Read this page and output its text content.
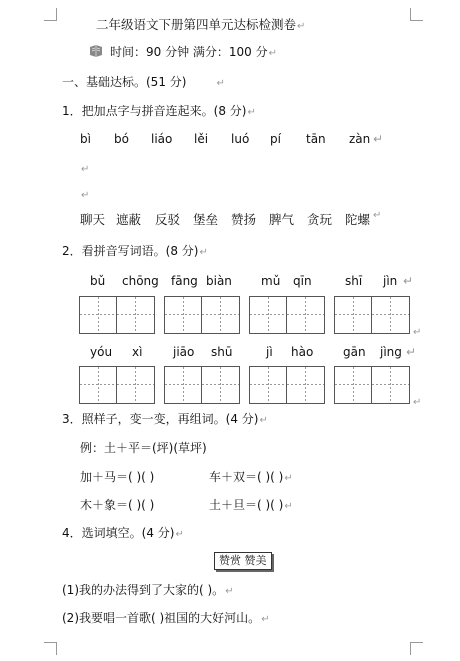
二年级语文下册第四单元达标检测卷↵
时间：90 分钟 满分：100 分↵
一、基础达标。(51 分)	↵
1．把加点字与拼音连起来。(8 分)↵
bì bó liáo lěi luó pí tān zàn ↵
↵
↵
聊天 遮蔽 反驳 堡垒 赞扬 脾气 贪玩 陀螺 ↵
2．看拼音写词语。(8 分)↵
bǔ chōng fāng biàn mǔ qīn	shī jìn ↵
↵
yóu xì	jiāo shū	jì hào gān jìng ↵
↵
3．照样子，变一变，再组词。(4 分)↵
例：土＋平＝(坪)(草坪)
加＋马＝( )( )	车＋双＝( )( )↵
木＋象＝( )( )	土＋旦＝( )( )↵
4．选词填空。(4 分)↵
赞赏 赞美
(1)我的办法得到了大家的( )。↵
(2)我要唱一首歌( )祖国的大好河山。↵
